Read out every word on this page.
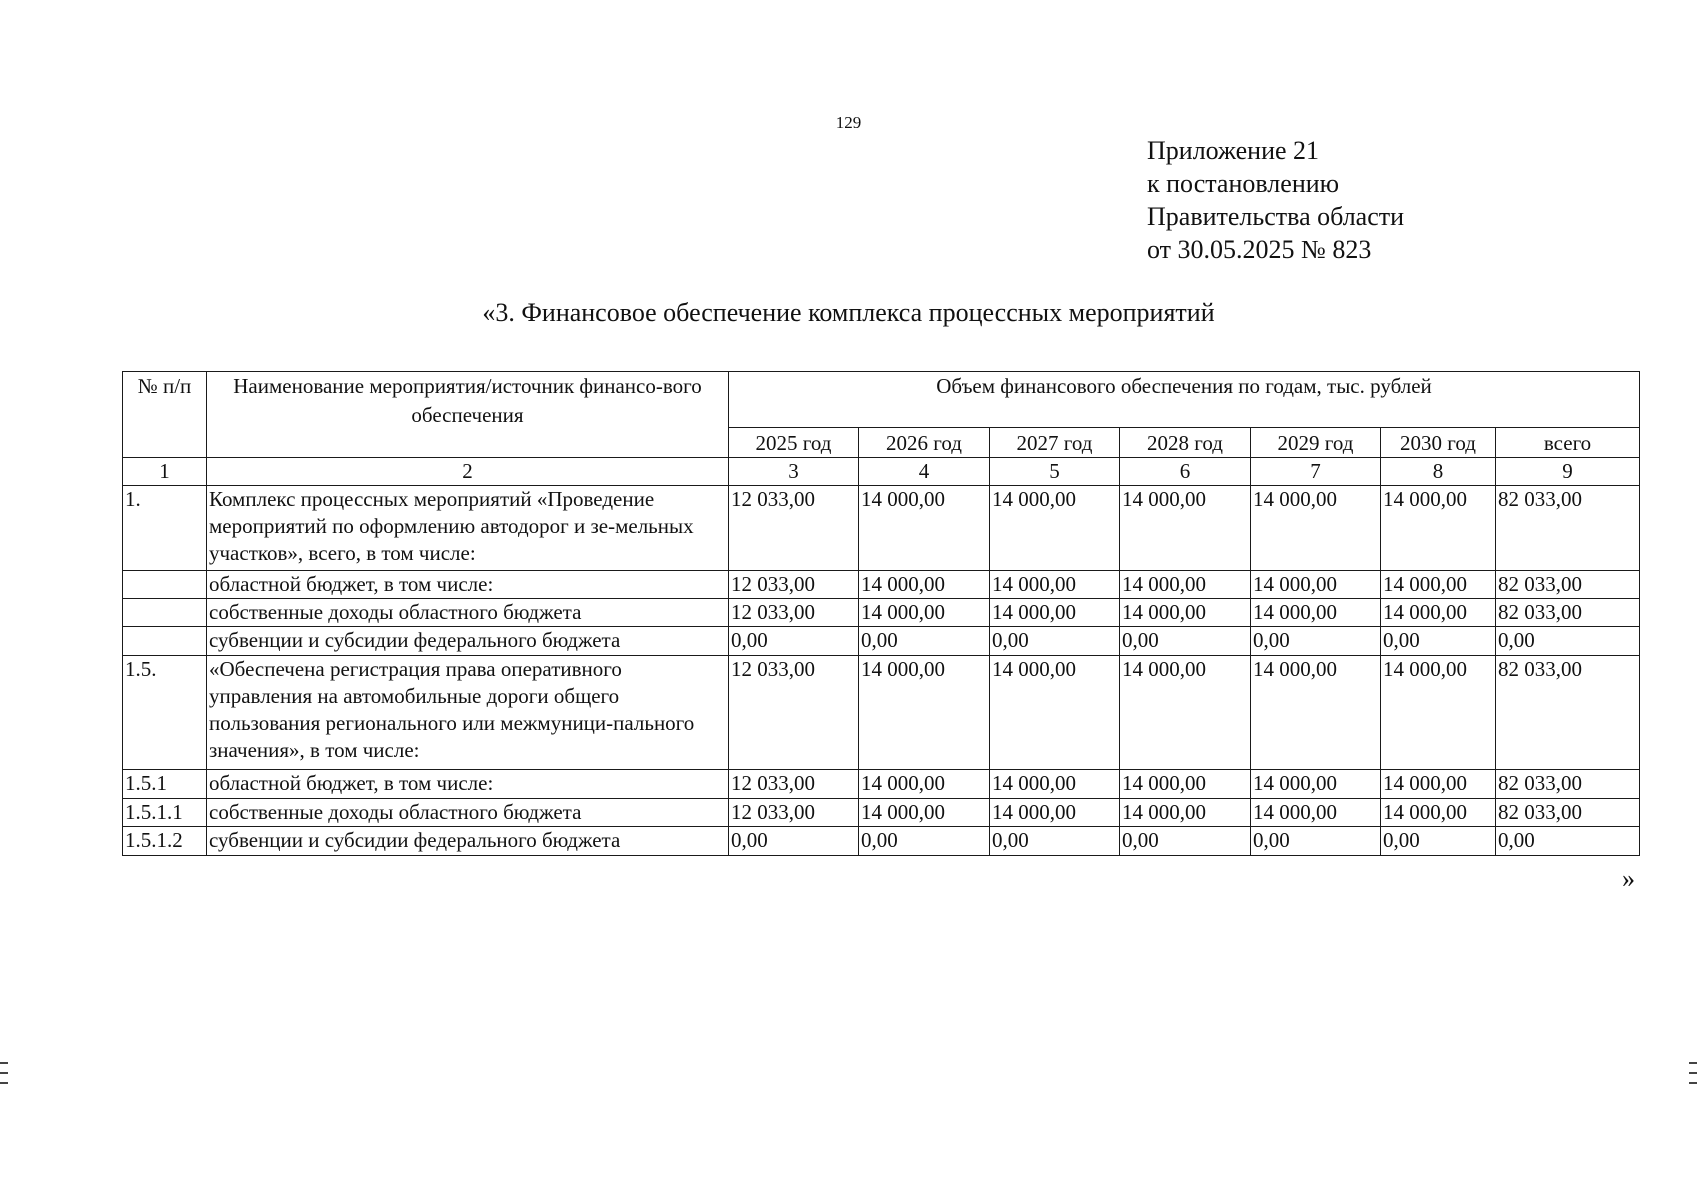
129
Приложение 21
к постановлению
Правительства области
от 30.05.2025 № 823
«3. Финансовое обеспечение комплекса процессных мероприятий
№ п/п	Наименование мероприятия/источник финансо-вого обеспечения	Объем финансового обеспечения по годам, тыс. рублей						
		2025 год	2026 год	2027 год	2028 год	2029 год	2030 год	всего
1	2	3	4	5	6	7	8	9
1.	Комплекс процессных мероприятий «Проведение мероприятий по оформлению автодорог и зе-мельных участков», всего, в том числе:	12 033,00	14 000,00	14 000,00	14 000,00	14 000,00	14 000,00	82 033,00
	областной бюджет, в том числе:	12 033,00	14 000,00	14 000,00	14 000,00	14 000,00	14 000,00	82 033,00
	собственные доходы областного бюджета	12 033,00	14 000,00	14 000,00	14 000,00	14 000,00	14 000,00	82 033,00
	субвенции и субсидии федерального бюджета	0,00	0,00	0,00	0,00	0,00	0,00	0,00
1.5.	«Обеспечена регистрация права оперативного управления на автомобильные дороги общего пользования регионального или межмуници-пального значения», в том числе:	12 033,00	14 000,00	14 000,00	14 000,00	14 000,00	14 000,00	82 033,00
1.5.1	областной бюджет, в том числе:	12 033,00	14 000,00	14 000,00	14 000,00	14 000,00	14 000,00	82 033,00
1.5.1.1	собственные доходы областного бюджета	12 033,00	14 000,00	14 000,00	14 000,00	14 000,00	14 000,00	82 033,00
1.5.1.2	субвенции и субсидии федерального бюджета	0,00	0,00	0,00	0,00	0,00	0,00	0,00
»
